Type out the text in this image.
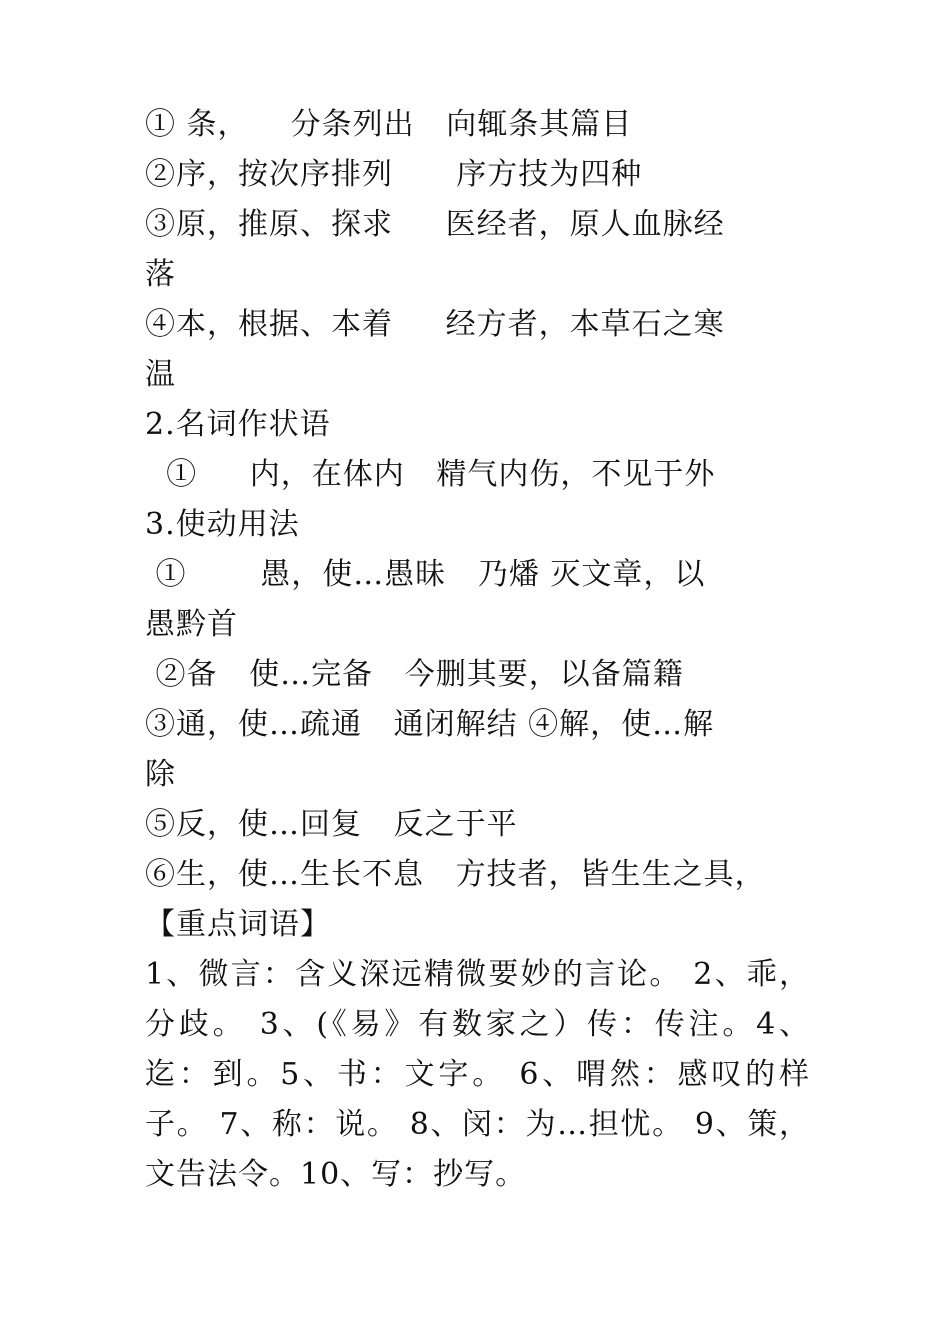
① 条，    分条列出   向辄条其篇目
②序，按次序排列      序方技为四种
③原，推原、探求     医经者，原人血脉经
落
④本，根据、本着     经方者，本草石之寒
温
2.名词作状语
①     内，在体内   精气内伤，不见于外
3.使动用法
①       愚，使…愚昧   乃燔 灭文章，以
愚黔首
②备   使…完备   今删其要，以备篇籍
③通，使…疏通   通闭解结 ④解，使…解
除
⑤反，使…回复   反之于平
⑥生，使…生长不息   方技者，皆生生之具，
【重点词语】
1、微言：含义深远精微要妙的言论。 2、乖，分歧。 3、(《易》有数家之）传：传注。4、迄：到。5、书：文字。 6、喟然：感叹的样子。 7、称：说。 8、闵：为…担忧。 9、策，文告法令。10、写：抄写。
